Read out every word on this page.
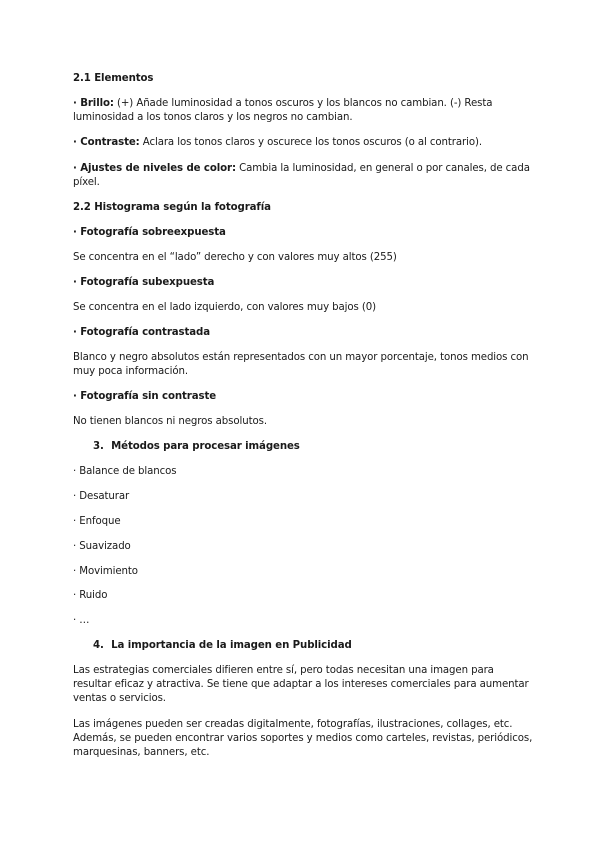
2.1 Elementos
· Brillo: (+) Añade luminosidad a tonos oscuros y los blancos no cambian. (-) Resta
luminosidad a los tonos claros y los negros no cambian.
· Contraste: Aclara los tonos claros y oscurece los tonos oscuros (o al contrario).
· Ajustes de niveles de color: Cambia la luminosidad, en general o por canales, de cada
píxel.
2.2 Histograma según la fotografía
· Fotografía sobreexpuesta
Se concentra en el “lado” derecho y con valores muy altos (255)
· Fotografía subexpuesta
Se concentra en el lado izquierdo, con valores muy bajos (0)
· Fotografía contrastada
Blanco y negro absolutos están representados con un mayor porcentaje, tonos medios con
muy poca información.
· Fotografía sin contraste
No tienen blancos ni negros absolutos.
3. Métodos para procesar imágenes
· Balance de blancos
· Desaturar
· Enfoque
· Suavizado
· Movimiento
· Ruido
· …
4. La importancia de la imagen en Publicidad
Las estrategias comerciales difieren entre sí, pero todas necesitan una imagen para
resultar eficaz y atractiva. Se tiene que adaptar a los intereses comerciales para aumentar
ventas o servicios.
Las imágenes pueden ser creadas digitalmente, fotografías, ilustraciones, collages, etc.
Además, se pueden encontrar varios soportes y medios como carteles, revistas, periódicos,
marquesinas, banners, etc.
